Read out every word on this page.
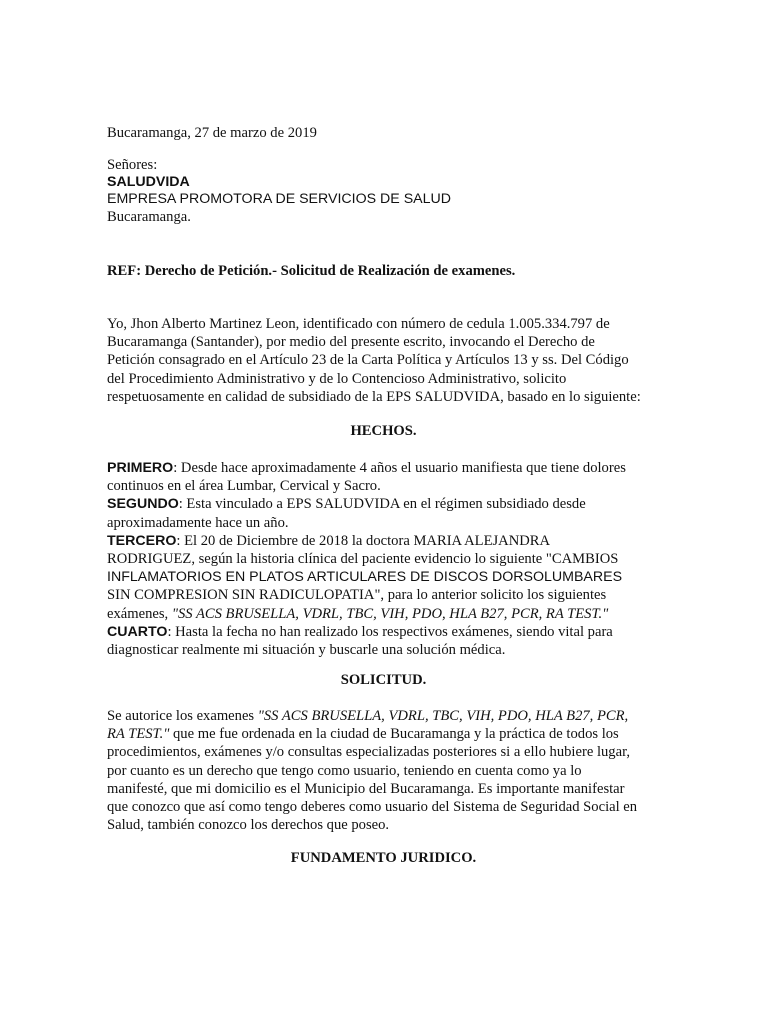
Bucaramanga, 27 de marzo de 2019
Señores:
SALUDVIDA
EMPRESA PROMOTORA DE SERVICIOS DE SALUD
Bucaramanga.
REF: Derecho de Petición.- Solicitud de Realización de examenes.

Yo, Jhon Alberto Martinez Leon, identificado con número de cedula 1.005.334.797 de

Bucaramanga (Santander), por medio del presente escrito, invocando el Derecho de

Petición consagrado en el Artículo 23 de la Carta Política y Artículos 13 y ss. Del Código

del Procedimiento Administrativo y de lo Contencioso Administrativo, solicito

respetuosamente en calidad de subsidiado de la EPS SALUDVIDA, basado en lo siguiente:

HECHOS.

PRIMERO: Desde hace aproximadamente 4 años el usuario manifiesta que tiene dolores

continuos en el área Lumbar, Cervical y Sacro.

SEGUNDO: Esta vinculado a EPS SALUDVIDA en el régimen subsidiado desde

aproximadamente hace un año.

TERCERO: El 20 de Diciembre de 2018 la doctora MARIA ALEJANDRA

RODRIGUEZ, según la historia clínica del paciente evidencio lo siguiente "CAMBIOS

INFLAMATORIOS EN PLATOS ARTICULARES DE DISCOS DORSOLUMBARES

SIN COMPRESION SIN RADICULOPATIA", para lo anterior solicito los siguientes

exámenes, "SS ACS BRUSELLA, VDRL, TBC, VIH, PDO, HLA B27, PCR, RA TEST."

CUARTO: Hasta la fecha no han realizado los respectivos exámenes, siendo vital para

diagnosticar realmente mi situación y buscarle una solución médica.

SOLICITUD.

Se autorice los examenes "SS ACS BRUSELLA, VDRL, TBC, VIH, PDO, HLA B27, PCR,

RA TEST." que me fue ordenada en la ciudad de Bucaramanga y la práctica de todos los

procedimientos, exámenes y/o consultas especializadas posteriores si a ello hubiere lugar,

por cuanto es un derecho que tengo como usuario, teniendo en cuenta como ya lo

manifesté, que mi domicilio es el Municipio del Bucaramanga. Es importante manifestar

que conozco que así como tengo deberes como usuario del Sistema de Seguridad Social en

Salud, también conozco los derechos que poseo.

FUNDAMENTO JURIDICO.
